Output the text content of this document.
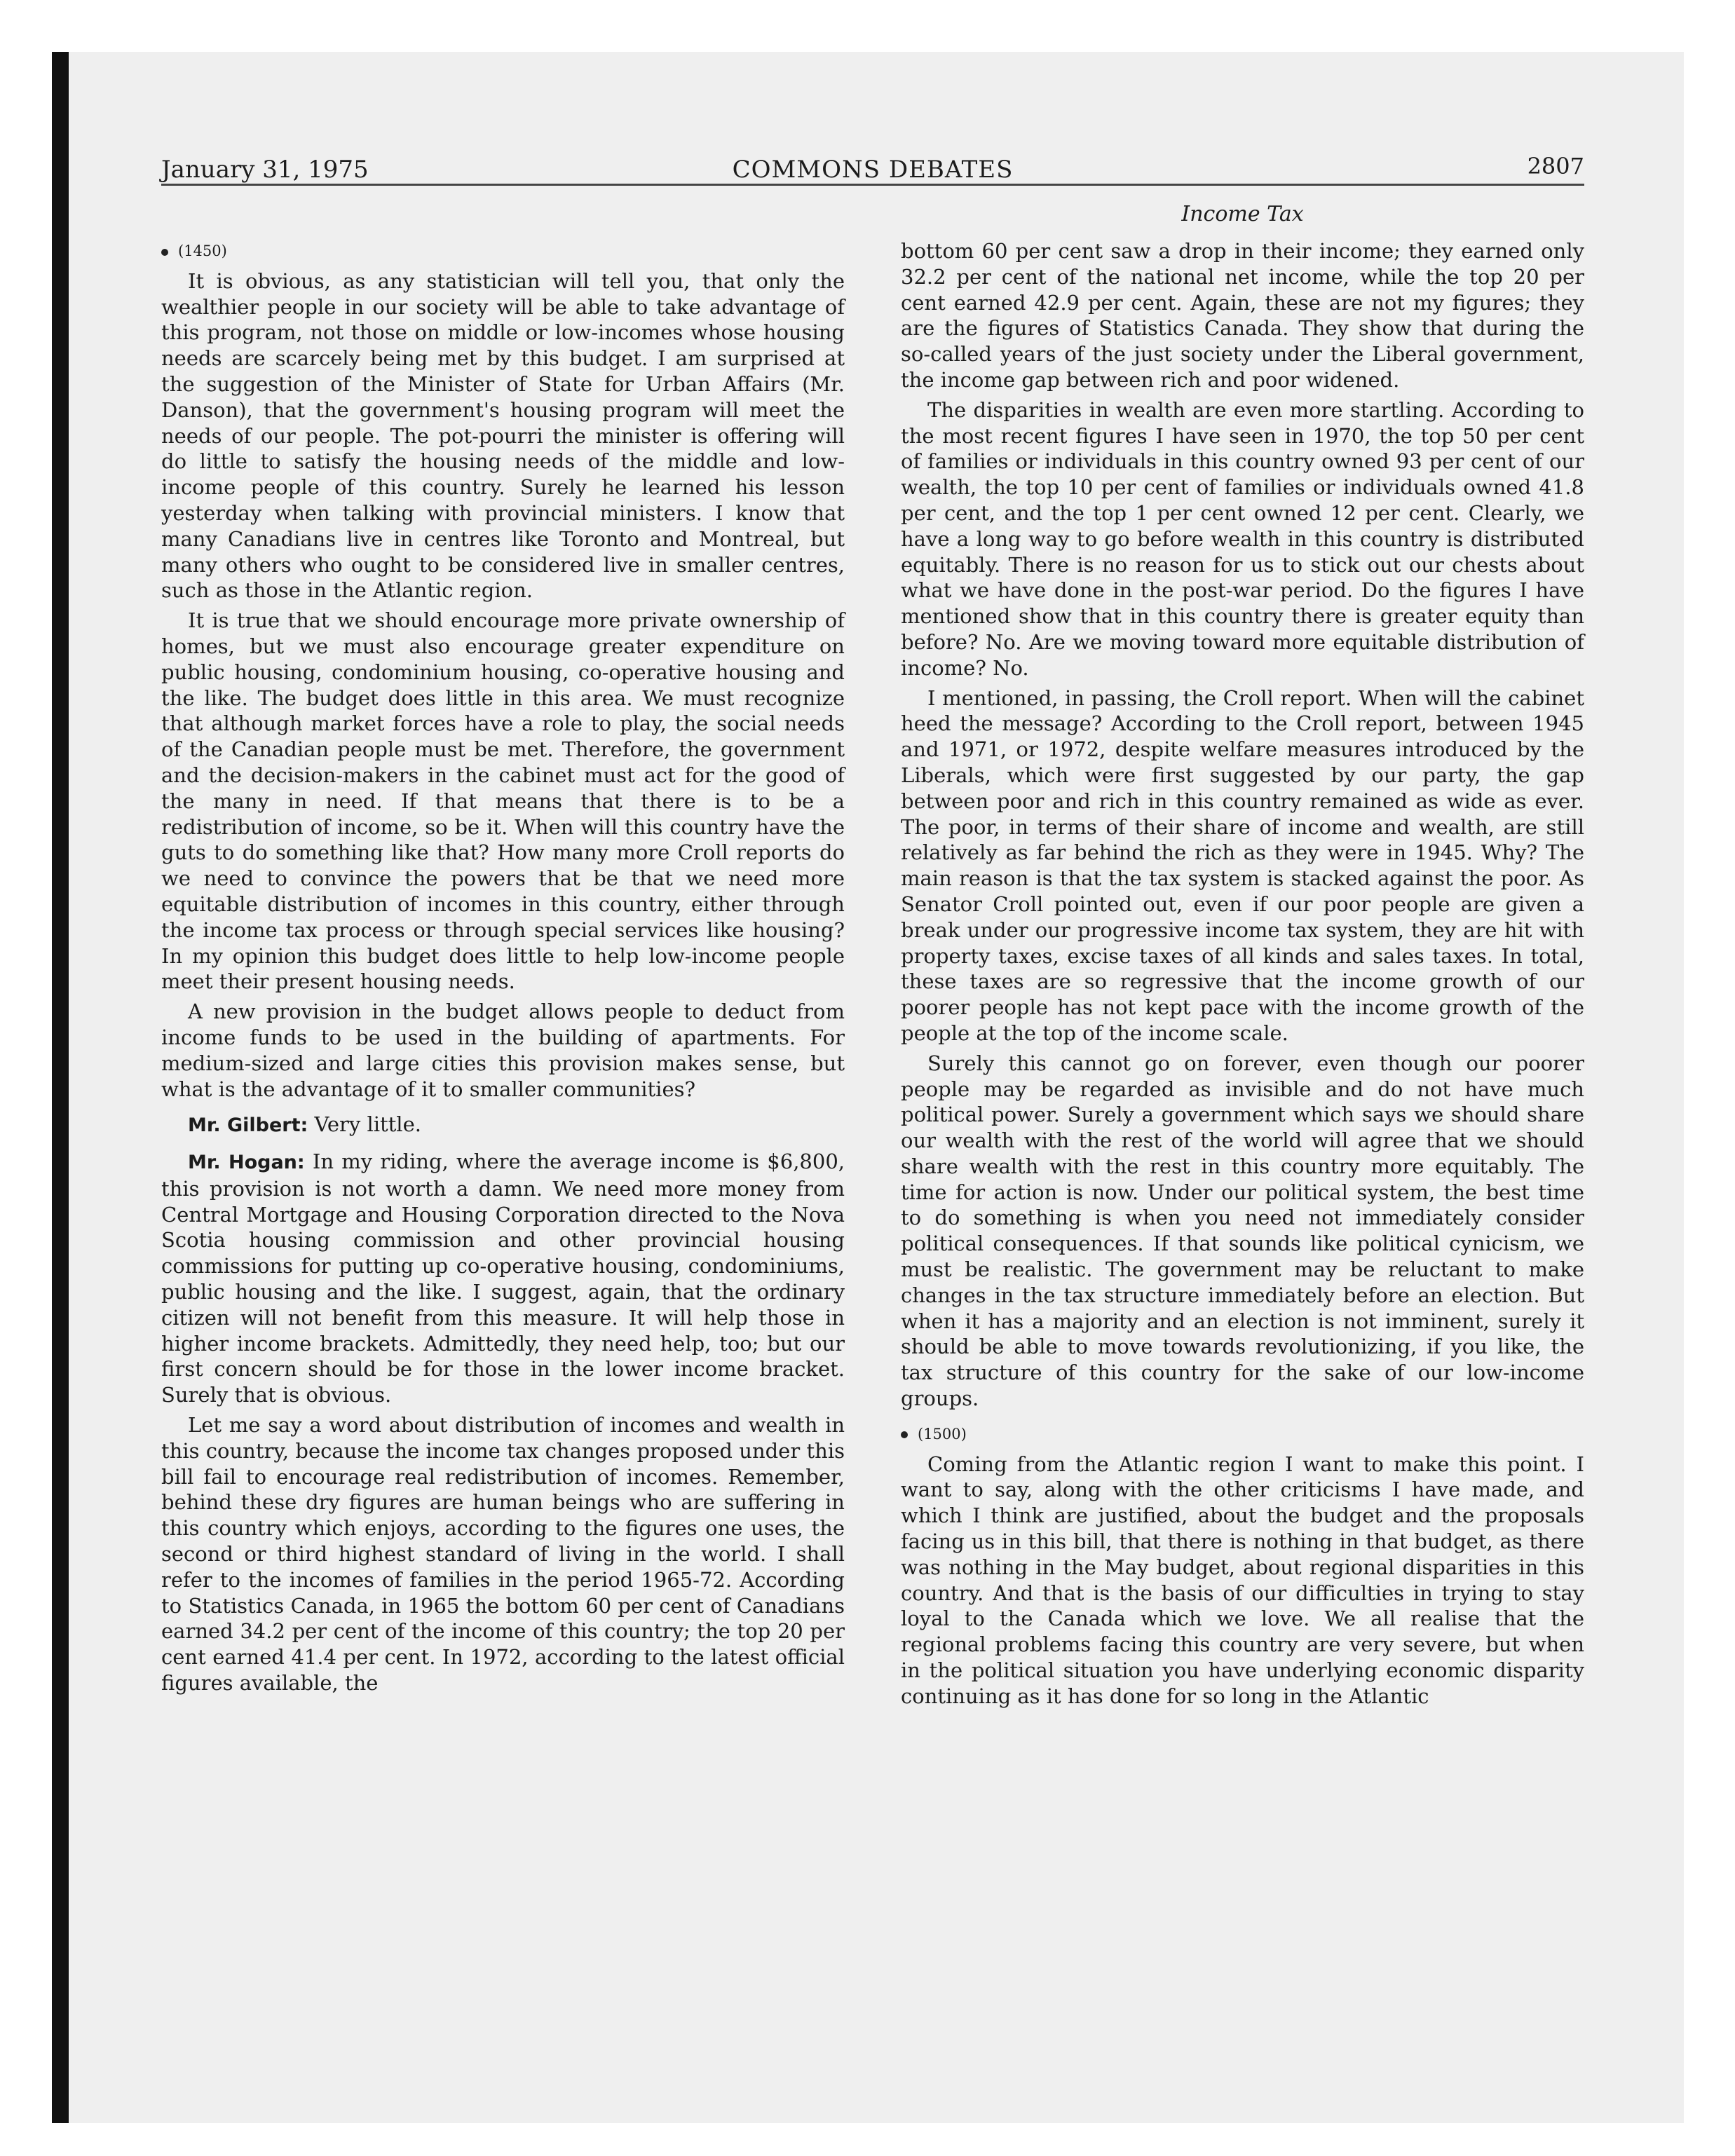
January 31, 1975	COMMONS DEBATES	2807
Income Tax

(1450)

It is obvious, as any statistician will tell you, that only the wealthier people in our society will be able to take advantage of this program, not those on middle or low-incomes whose housing needs are scarcely being met by this budget. I am surprised at the suggestion of the Minister of State for Urban Affairs (Mr. Danson), that the government's housing program will meet the needs of our people. The pot-pourri the minister is offering will do little to satisfy the housing needs of the middle and low-income people of this country. Surely he learned his lesson yesterday when talking with provincial ministers. I know that many Canadians live in centres like Toronto and Montreal, but many others who ought to be considered live in smaller centres, such as those in the Atlantic region.

It is true that we should encourage more private ownership of homes, but we must also encourage greater expenditure on public housing, condominium housing, co-operative housing and the like. The budget does little in this area. We must recognize that although market forces have a role to play, the social needs of the Canadian people must be met. Therefore, the government and the decision-makers in the cabinet must act for the good of the many in need. If that means that there is to be a redistribution of income, so be it. When will this country have the guts to do something like that? How many more Croll reports do we need to convince the powers that be that we need more equitable distribution of incomes in this country, either through the income tax process or through special services like housing? In my opinion this budget does little to help low-income people meet their present housing needs.

A new provision in the budget allows people to deduct from income funds to be used in the building of apartments. For medium-sized and large cities this provision makes sense, but what is the advantage of it to smaller communities?

Mr. Gilbert: Very little.

Mr. Hogan: In my riding, where the average income is $6,800, this provision is not worth a damn. We need more money from Central Mortgage and Housing Corporation directed to the Nova Scotia housing commission and other provincial housing commissions for putting up co-operative housing, condominiums, public housing and the like. I suggest, again, that the ordinary citizen will not benefit from this measure. It will help those in higher income brackets. Admittedly, they need help, too; but our first concern should be for those in the lower income bracket. Surely that is obvious.

Let me say a word about distribution of incomes and wealth in this country, because the income tax changes proposed under this bill fail to encourage real redistribution of incomes. Remember, behind these dry figures are human beings who are suffering in this country which enjoys, according to the figures one uses, the second or third highest standard of living in the world. I shall refer to the incomes of families in the period 1965-72. According to Statistics Canada, in 1965 the bottom 60 per cent of Canadians earned 34.2 per cent of the income of this country; the top 20 per cent earned 41.4 per cent. In 1972, according to the latest official figures available, the

bottom 60 per cent saw a drop in their income; they earned only 32.2 per cent of the national net income, while the top 20 per cent earned 42.9 per cent. Again, these are not my figures; they are the figures of Statistics Canada. They show that during the so-called years of the just society under the Liberal government, the income gap between rich and poor widened.

The disparities in wealth are even more startling. According to the most recent figures I have seen in 1970, the top 50 per cent of families or individuals in this country owned 93 per cent of our wealth, the top 10 per cent of families or individuals owned 41.8 per cent, and the top 1 per cent owned 12 per cent. Clearly, we have a long way to go before wealth in this country is distributed equitably. There is no reason for us to stick out our chests about what we have done in the post-war period. Do the figures I have mentioned show that in this country there is greater equity than before? No. Are we moving toward more equitable distribution of income? No.

I mentioned, in passing, the Croll report. When will the cabinet heed the message? According to the Croll report, between 1945 and 1971, or 1972, despite welfare measures introduced by the Liberals, which were first suggested by our party, the gap between poor and rich in this country remained as wide as ever. The poor, in terms of their share of income and wealth, are still relatively as far behind the rich as they were in 1945. Why? The main reason is that the tax system is stacked against the poor. As Senator Croll pointed out, even if our poor people are given a break under our progressive income tax system, they are hit with property taxes, excise taxes of all kinds and sales taxes. In total, these taxes are so regressive that the income growth of our poorer people has not kept pace with the income growth of the people at the top of the income scale.

Surely this cannot go on forever, even though our poorer people may be regarded as invisible and do not have much political power. Surely a government which says we should share our wealth with the rest of the world will agree that we should share wealth with the rest in this country more equitably. The time for action is now. Under our political system, the best time to do something is when you need not immediately consider political consequences. If that sounds like political cynicism, we must be realistic. The government may be reluctant to make changes in the tax structure immediately before an election. But when it has a majority and an election is not imminent, surely it should be able to move towards revolutionizing, if you like, the tax structure of this country for the sake of our low-income groups.

(1500)

Coming from the Atlantic region I want to make this point. I want to say, along with the other criticisms I have made, and which I think are justified, about the budget and the proposals facing us in this bill, that there is nothing in that budget, as there was nothing in the May budget, about regional disparities in this country. And that is the basis of our difficulties in trying to stay loyal to the Canada which we love. We all realise that the regional problems facing this country are very severe, but when in the political situation you have underlying economic disparity continuing as it has done for so long in the Atlantic
